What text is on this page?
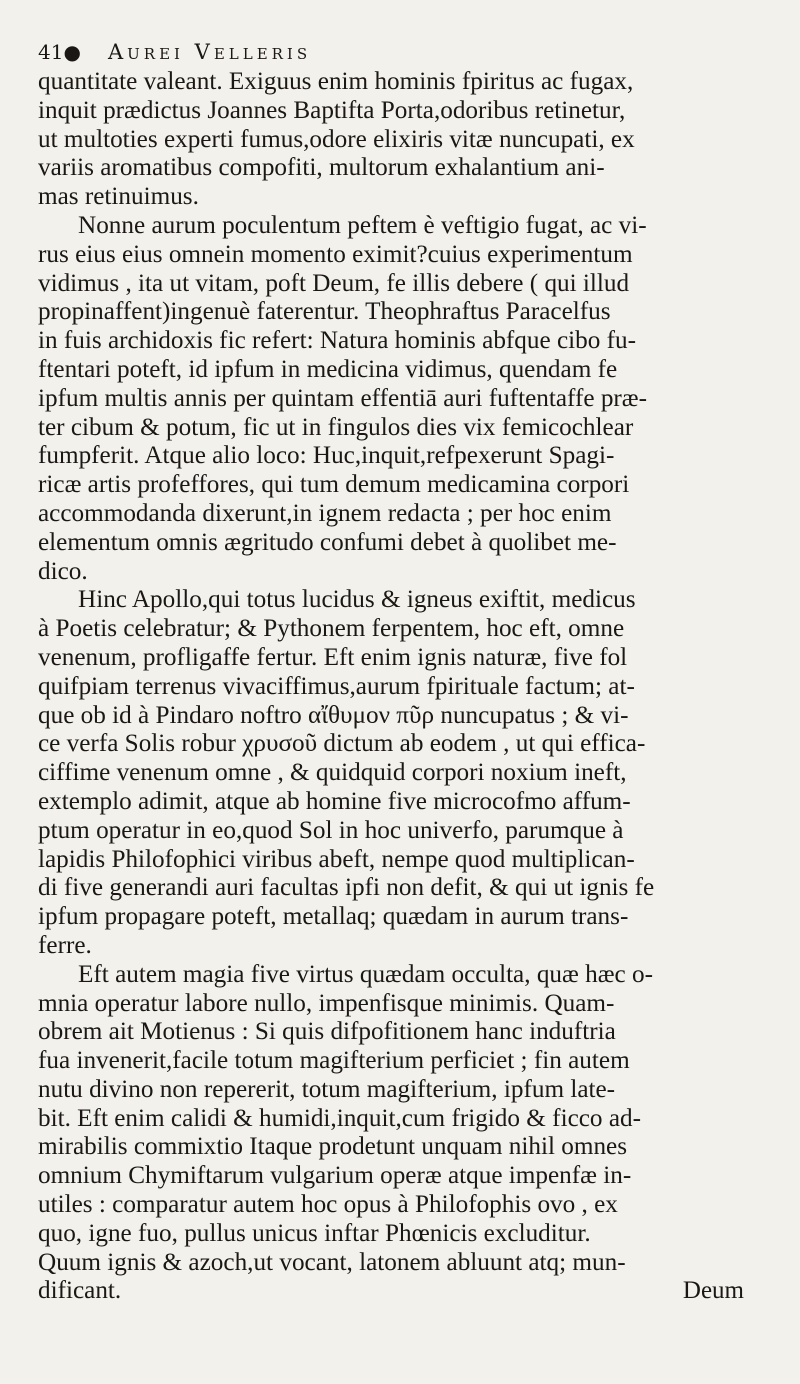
41●	Aurei Velleris
quantitate valeant. Exiguus enim hominis fpiritus ac fugax,
inquit prædictus Joannes Baptifta Porta,odoribus retinetur,
ut multoties experti fumus,odore elixiris vitæ nuncupati, ex
variis aromatibus compofiti, multorum exhalantium ani-
mas retinuimus.
Nonne aurum poculentum peftem è veftigio fugat, ac vi-
rus eius eius omnein momento eximit?cuius experimentum
vidimus , ita ut vitam, poft Deum, fe illis debere ( qui illud
propinaffent)ingenuè faterentur. Theophraftus Paracelfus
in fuis archidoxis fic refert: Natura hominis abfque cibo fu-
ftentari poteft, id ipfum in medicina vidimus, quendam fe
ipfum multis annis per quintam effentiā auri fuftentaffe præ-
ter cibum & potum, fic ut in fingulos dies vix femicochlear
fumpferit. Atque alio loco: Huc,inquit,refpexerunt Spagi-
ricæ artis profeffores, qui tum demum medicamina corpori
accommodanda dixerunt,in ignem redacta ; per hoc enim
elementum omnis ægritudo confumi debet à quolibet me-
dico.
Hinc Apollo,qui totus lucidus & igneus exiftit, medicus
à Poetis celebratur; & Pythonem ferpentem, hoc eft, omne
venenum, profligaffe fertur. Eft enim ignis naturæ, five fol
quifpiam terrenus vivaciffimus,aurum fpirituale factum; at-
que ob id à Pindaro noftro αἴθυμον πῦρ nuncupatus ; & vi-
ce verfa Solis robur χρυσοῦ dictum ab eodem , ut qui effica-
ciffime venenum omne , & quidquid corpori noxium ineft,
extemplo adimit, atque ab homine five microcofmo affum-
ptum operatur in eo,quod Sol in hoc univerfo, parumque à
lapidis Philofophici viribus abeft, nempe quod multiplican-
di five generandi auri facultas ipfi non defit, & qui ut ignis fe
ipfum propagare poteft, metallaq; quædam in aurum trans-
ferre.
Eft autem magia five virtus quædam occulta, quæ hæc o-
mnia operatur labore nullo, impenfisque minimis. Quam-
obrem ait Motienus : Si quis difpofitionem hanc induftria
fua invenerit,facile totum magifterium perficiet ; fin autem
nutu divino non repererit, totum magifterium, ipfum late-
bit. Eft enim calidi & humidi,inquit,cum frigido & ficco ad-
mirabilis commixtio Itaque prodetunt unquam nihil omnes
omnium Chymiftarum vulgarium operæ atque impenfæ in-
utiles : comparatur autem hoc opus à Philofophis ovo , ex
quo, igne fuo, pullus unicus inftar Phœnicis excluditur.
Quum ignis & azoch,ut vocant, latonem abluunt atq; mun-
dificant.	Deum
